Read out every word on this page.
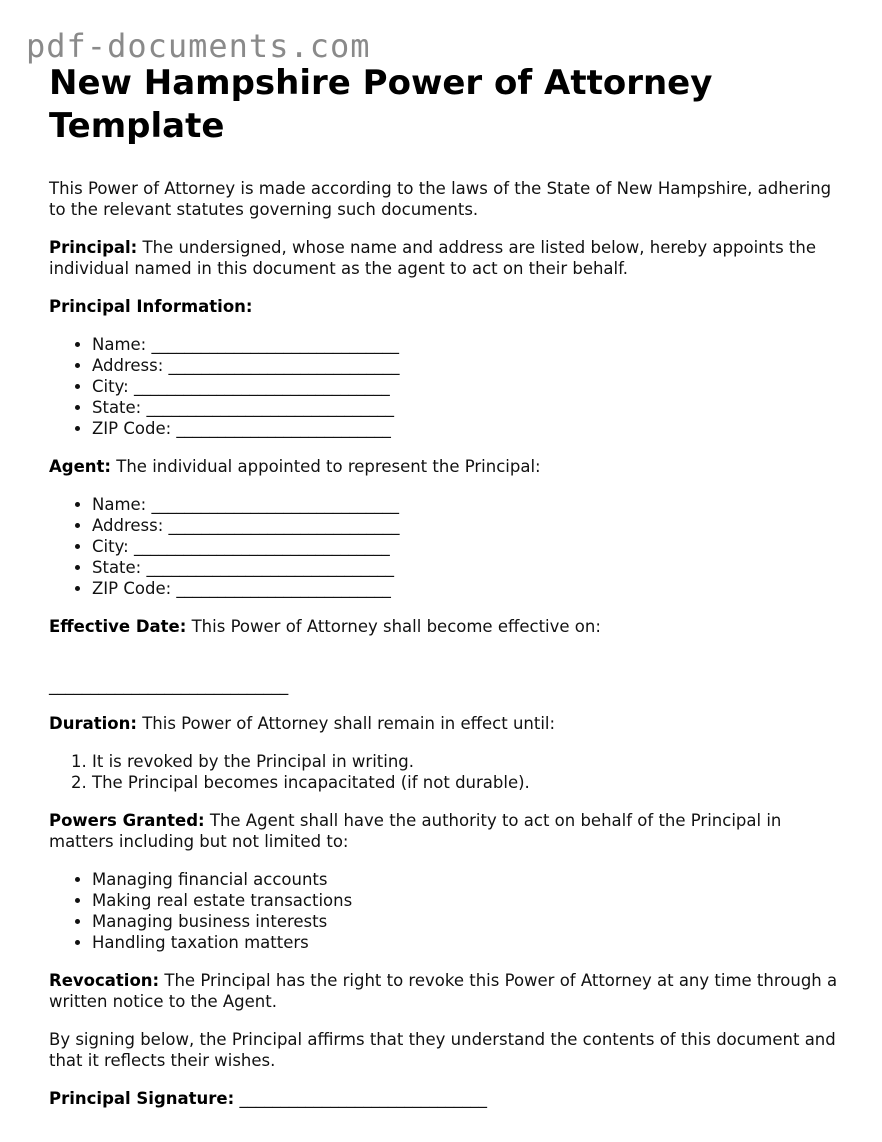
pdf-documents.com
New Hampshire Power of Attorney Template

This Power of Attorney is made according to the laws of the State of New Hampshire, adhering to the relevant statutes governing such documents.

Principal: The undersigned, whose name and address are listed below, hereby appoints the individual named in this document as the agent to act on their behalf.

Principal Information:

• Name: ______________________________
• Address: ____________________________
• City: _______________________________
• State: ______________________________
• ZIP Code: __________________________

Agent: The individual appointed to represent the Principal:

• Name: ______________________________
• Address: ____________________________
• City: _______________________________
• State: ______________________________
• ZIP Code: __________________________

Effective Date: This Power of Attorney shall become effective on:

_____________________________

Duration: This Power of Attorney shall remain in effect until:

1. It is revoked by the Principal in writing.
2. The Principal becomes incapacitated (if not durable).

Powers Granted: The Agent shall have the authority to act on behalf of the Principal in matters including but not limited to:

• Managing financial accounts
• Making real estate transactions
• Managing business interests
• Handling taxation matters

Revocation: The Principal has the right to revoke this Power of Attorney at any time through a written notice to the Agent.

By signing below, the Principal affirms that they understand the contents of this document and that it reflects their wishes.

Principal Signature: ______________________________
